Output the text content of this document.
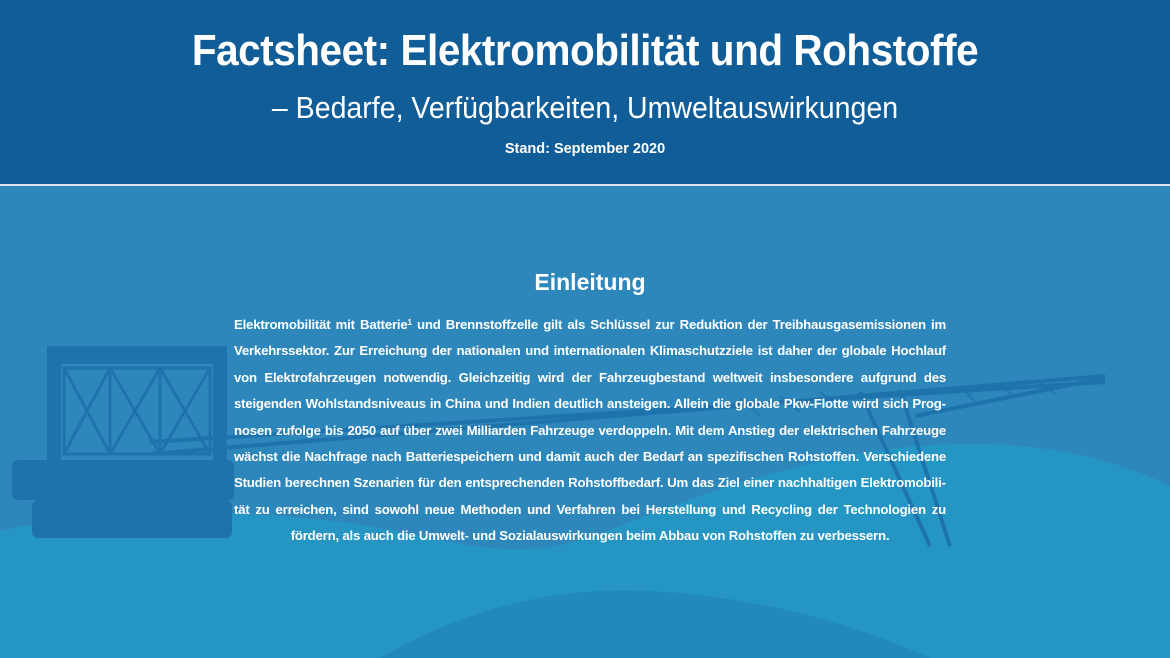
Factsheet: Elektromobilität und Rohstoffe
– Bedarfe, Verfügbarkeiten, Umweltauswirkungen
Stand: September 2020
Einleitung

Elektromobilität mit Batterie$^1$ und Brennstoffzelle gilt als Schlüssel zur Reduktion der Treibhausgasemissionen im Verkehrssektor. Zur Erreichung der nationalen und internationalen Klimaschutzziele ist daher der globale Hochlauf von Elektrofahrzeugen notwendig. Gleichzeitig wird der Fahrzeugbestand weltweit insbesondere aufgrund des steigenden Wohlstandsniveaus in China und Indien deutlich ansteigen. Allein die globale Pkw-Flotte wird sich Prognosen zufolge bis 2050 auf über zwei Milliarden Fahrzeuge verdoppeln. Mit dem Anstieg der elektrischen Fahrzeuge wächst die Nachfrage nach Batteriespeichern und damit auch der Bedarf an spezifischen Rohstoffen. Verschiedene Studien berechnen Szenarien für den entsprechenden Rohstoffbedarf. Um das Ziel einer nachhaltigen Elektromobilität zu erreichen, sind sowohl neue Methoden und Verfahren bei Herstellung und Recycling der Technologien zu fördern, als auch die Umwelt- und Sozialauswirkungen beim Abbau von Rohstoffen zu verbessern.
